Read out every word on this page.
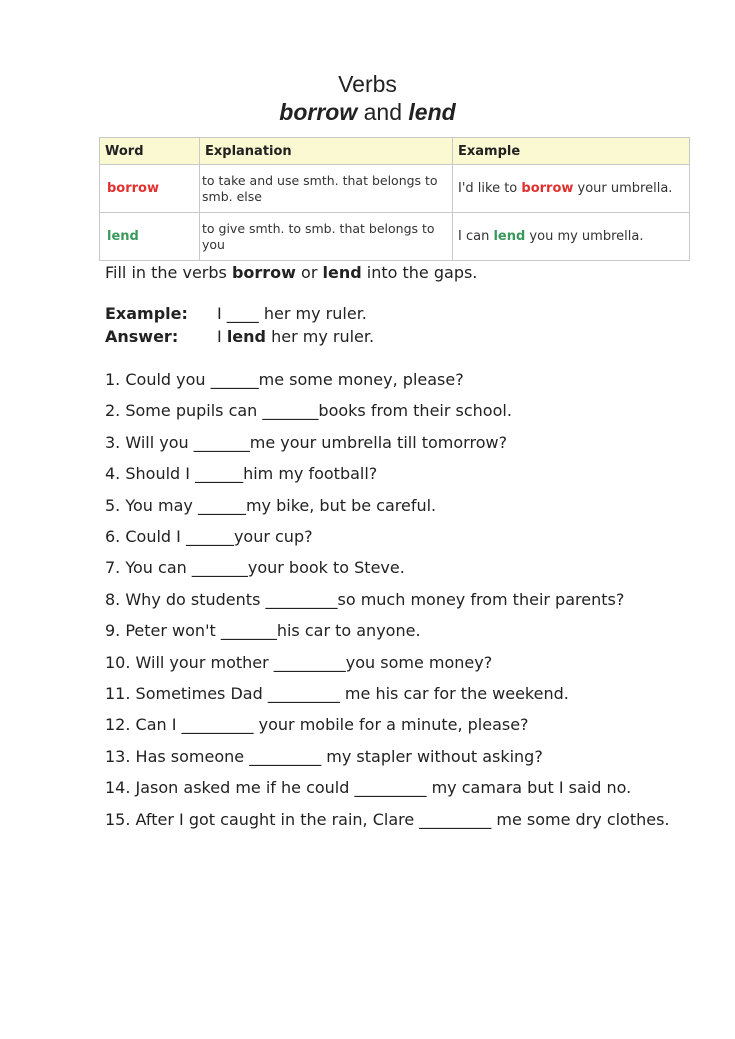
Verbs
borrow and lend
Word	Explanation	Example
borrow	to take and use smth. that belongs to smb. else	I'd like to borrow your umbrella.
lend	to give smth. to smb. that belongs to you	I can lend you my umbrella.
Fill in the verbs borrow or lend into the gaps.
Example:	I ____ her my ruler.
Answer:	I lend her my ruler.
1. Could you ______me some money, please?
2. Some pupils can _______books from their school.
3. Will you _______me your umbrella till tomorrow?
4. Should I ______him my football?
5. You may ______my bike, but be careful.
6. Could I ______your cup?
7. You can _______your book to Steve.
8. Why do students _________so much money from their parents?
9. Peter won't _______his car to anyone.
10. Will your mother _________you some money?
11. Sometimes Dad _________ me his car for the weekend.
12. Can I _________ your mobile for a minute, please?
13. Has someone _________ my stapler without asking?
14. Jason asked me if he could _________ my camara but I said no.
15. After I got caught in the rain, Clare _________ me some dry clothes.
